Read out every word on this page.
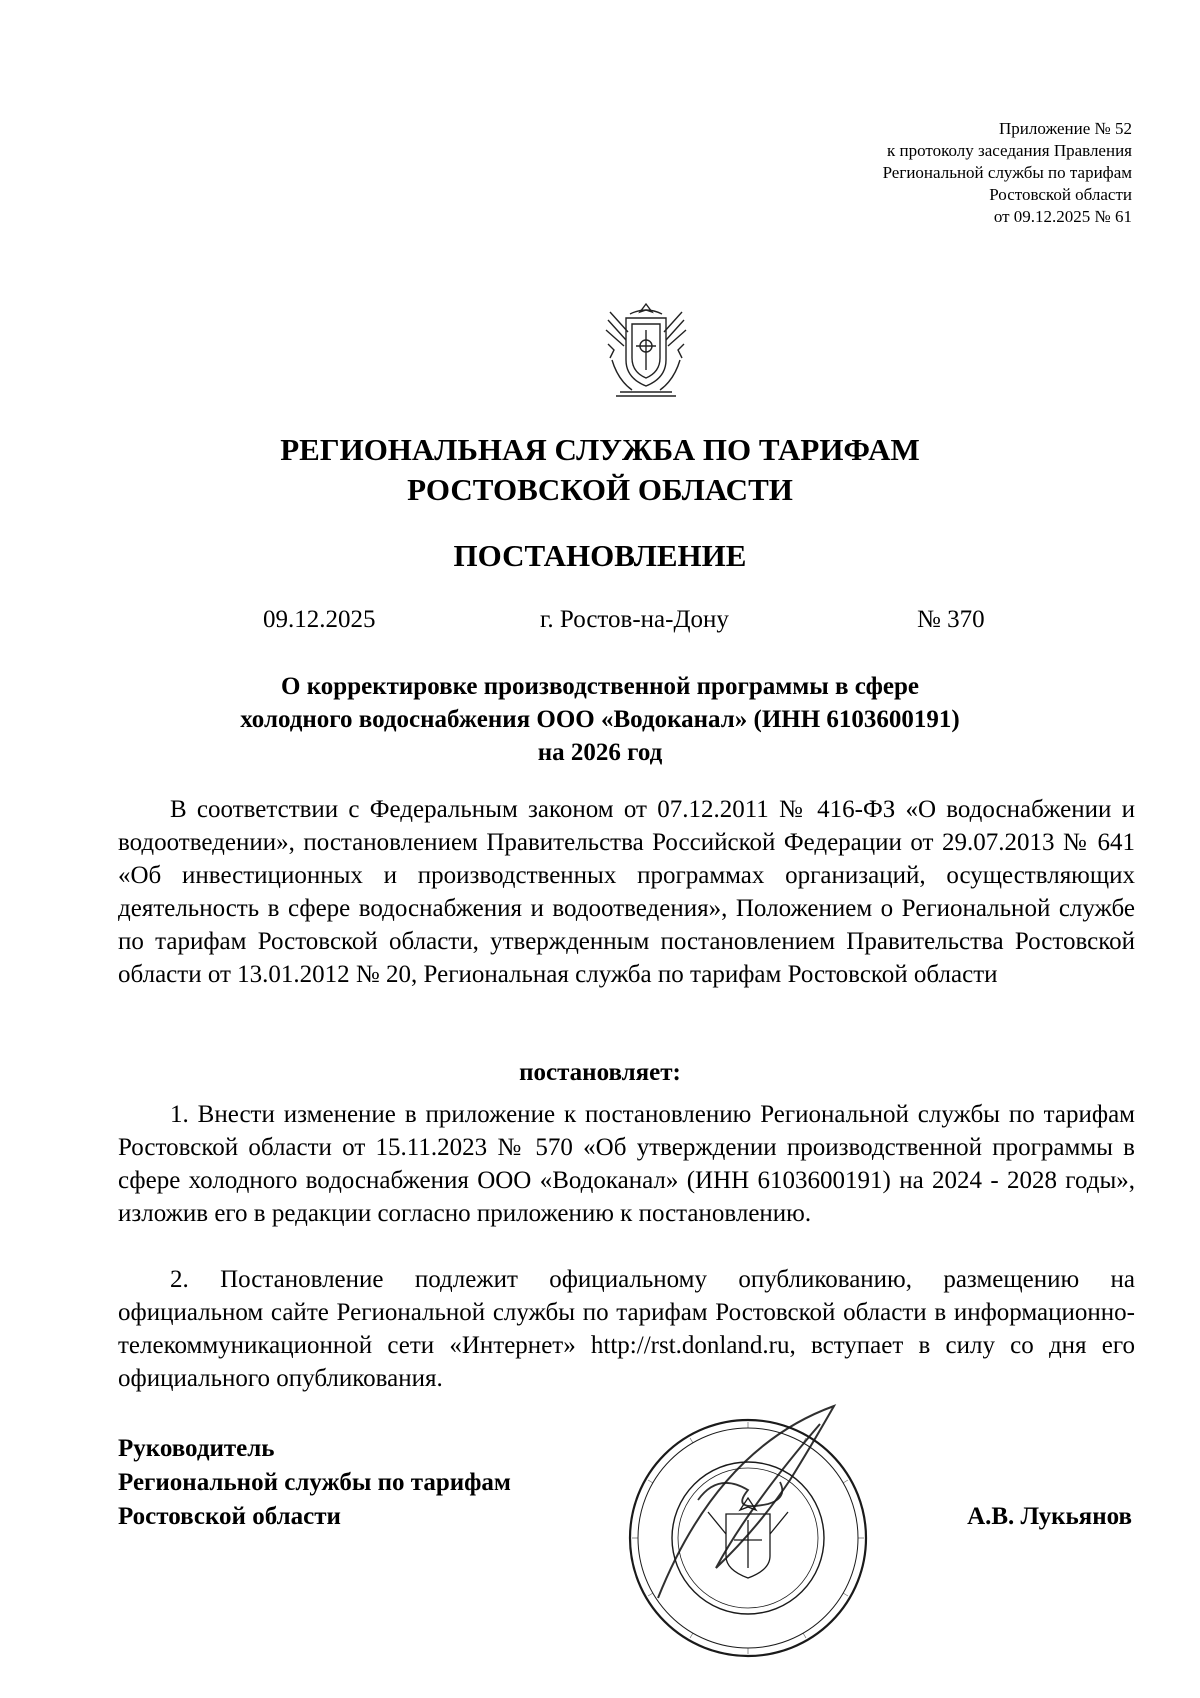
Приложение № 52
к протоколу заседания Правления
Региональной службы по тарифам
Ростовской области
от 09.12.2025 № 61
РЕГИОНАЛЬНАЯ СЛУЖБА ПО ТАРИФАМ
РОСТОВСКОЙ ОБЛАСТИ
ПОСТАНОВЛЕНИЕ
09.12.2025	г. Ростов-на-Дону	№ 370
О корректировке производственной программы в сфере
холодного водоснабжения ООО «Водоканал» (ИНН 6103600191)
на 2026 год
В соответствии с Федеральным законом от 07.12.2011 № 416-ФЗ «О водоснабжении и водоотведении», постановлением Правительства Российской Федерации от 29.07.2013 № 641 «Об инвестиционных и производственных программах организаций, осуществляющих деятельность в сфере водоснабжения и водоотведения», Положением о Региональной службе по тарифам Ростовской области, утвержденным постановлением Правительства Ростовской области от 13.01.2012 № 20, Региональная служба по тарифам Ростовской области
постановляет:
1. Внести изменение в приложение к постановлению Региональной службы по тарифам Ростовской области от 15.11.2023 № 570 «Об утверждении производственной программы в сфере холодного водоснабжения ООО «Водоканал» (ИНН 6103600191) на 2024 - 2028 годы», изложив его в редакции согласно приложению к постановлению.
2. Постановление подлежит официальному опубликованию, размещению на официальном сайте Региональной службы по тарифам Ростовской области в информационно-телекоммуникационной сети «Интернет» http://rst.donland.ru, вступает в силу со дня его официального опубликования.
Руководитель
Региональной службы по тарифам
Ростовской области	А.В. Лукьянов
